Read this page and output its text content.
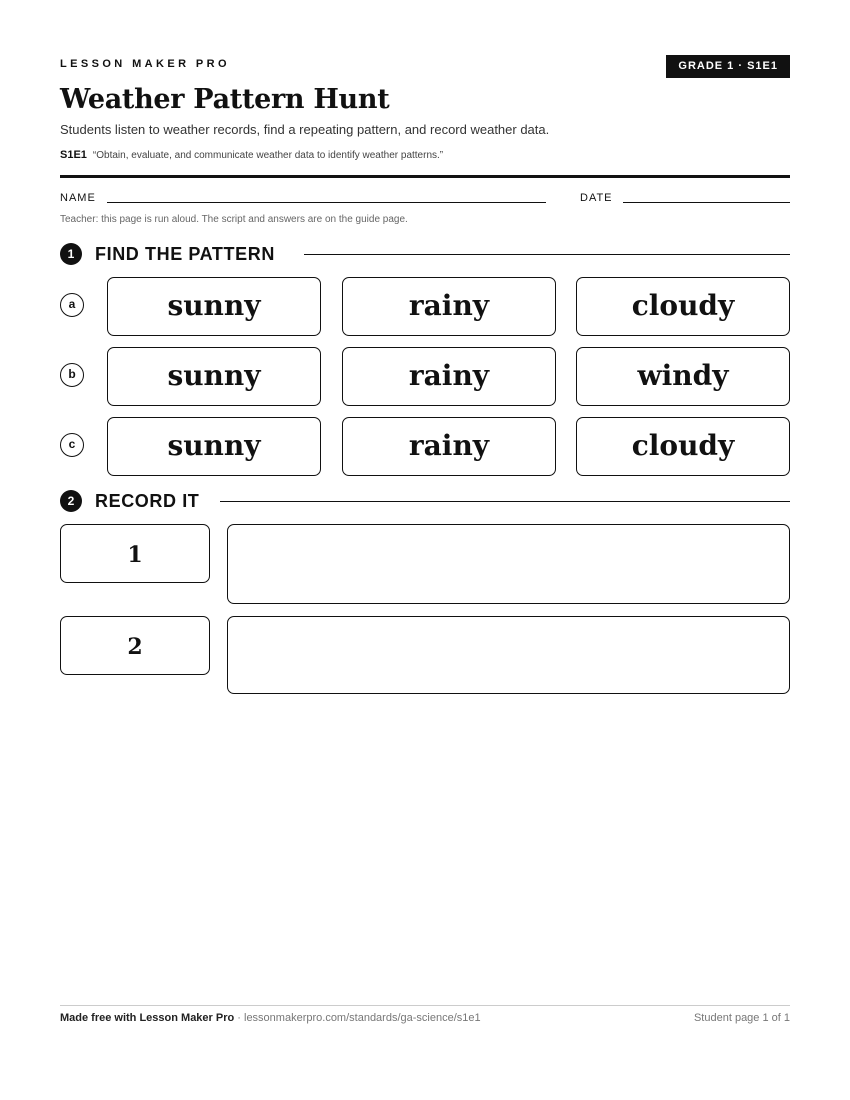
LESSON MAKER PRO	GRADE 1 · S1E1
Weather Pattern Hunt
Students listen to weather records, find a repeating pattern, and record weather data.
S1E1 “Obtain, evaluate, and communicate weather data to identify weather patterns.”
NAME	DATE
Teacher: this page is run aloud. The script and answers are on the guide page.
1	FIND THE PATTERN
a	sunny	rainy	cloudy
b	sunny	rainy	windy
c	sunny	rainy	cloudy
2	RECORD IT
1
2
Made free with Lesson Maker Pro · lessonmakerpro.com/standards/ga-science/s1e1	Student page 1 of 1
